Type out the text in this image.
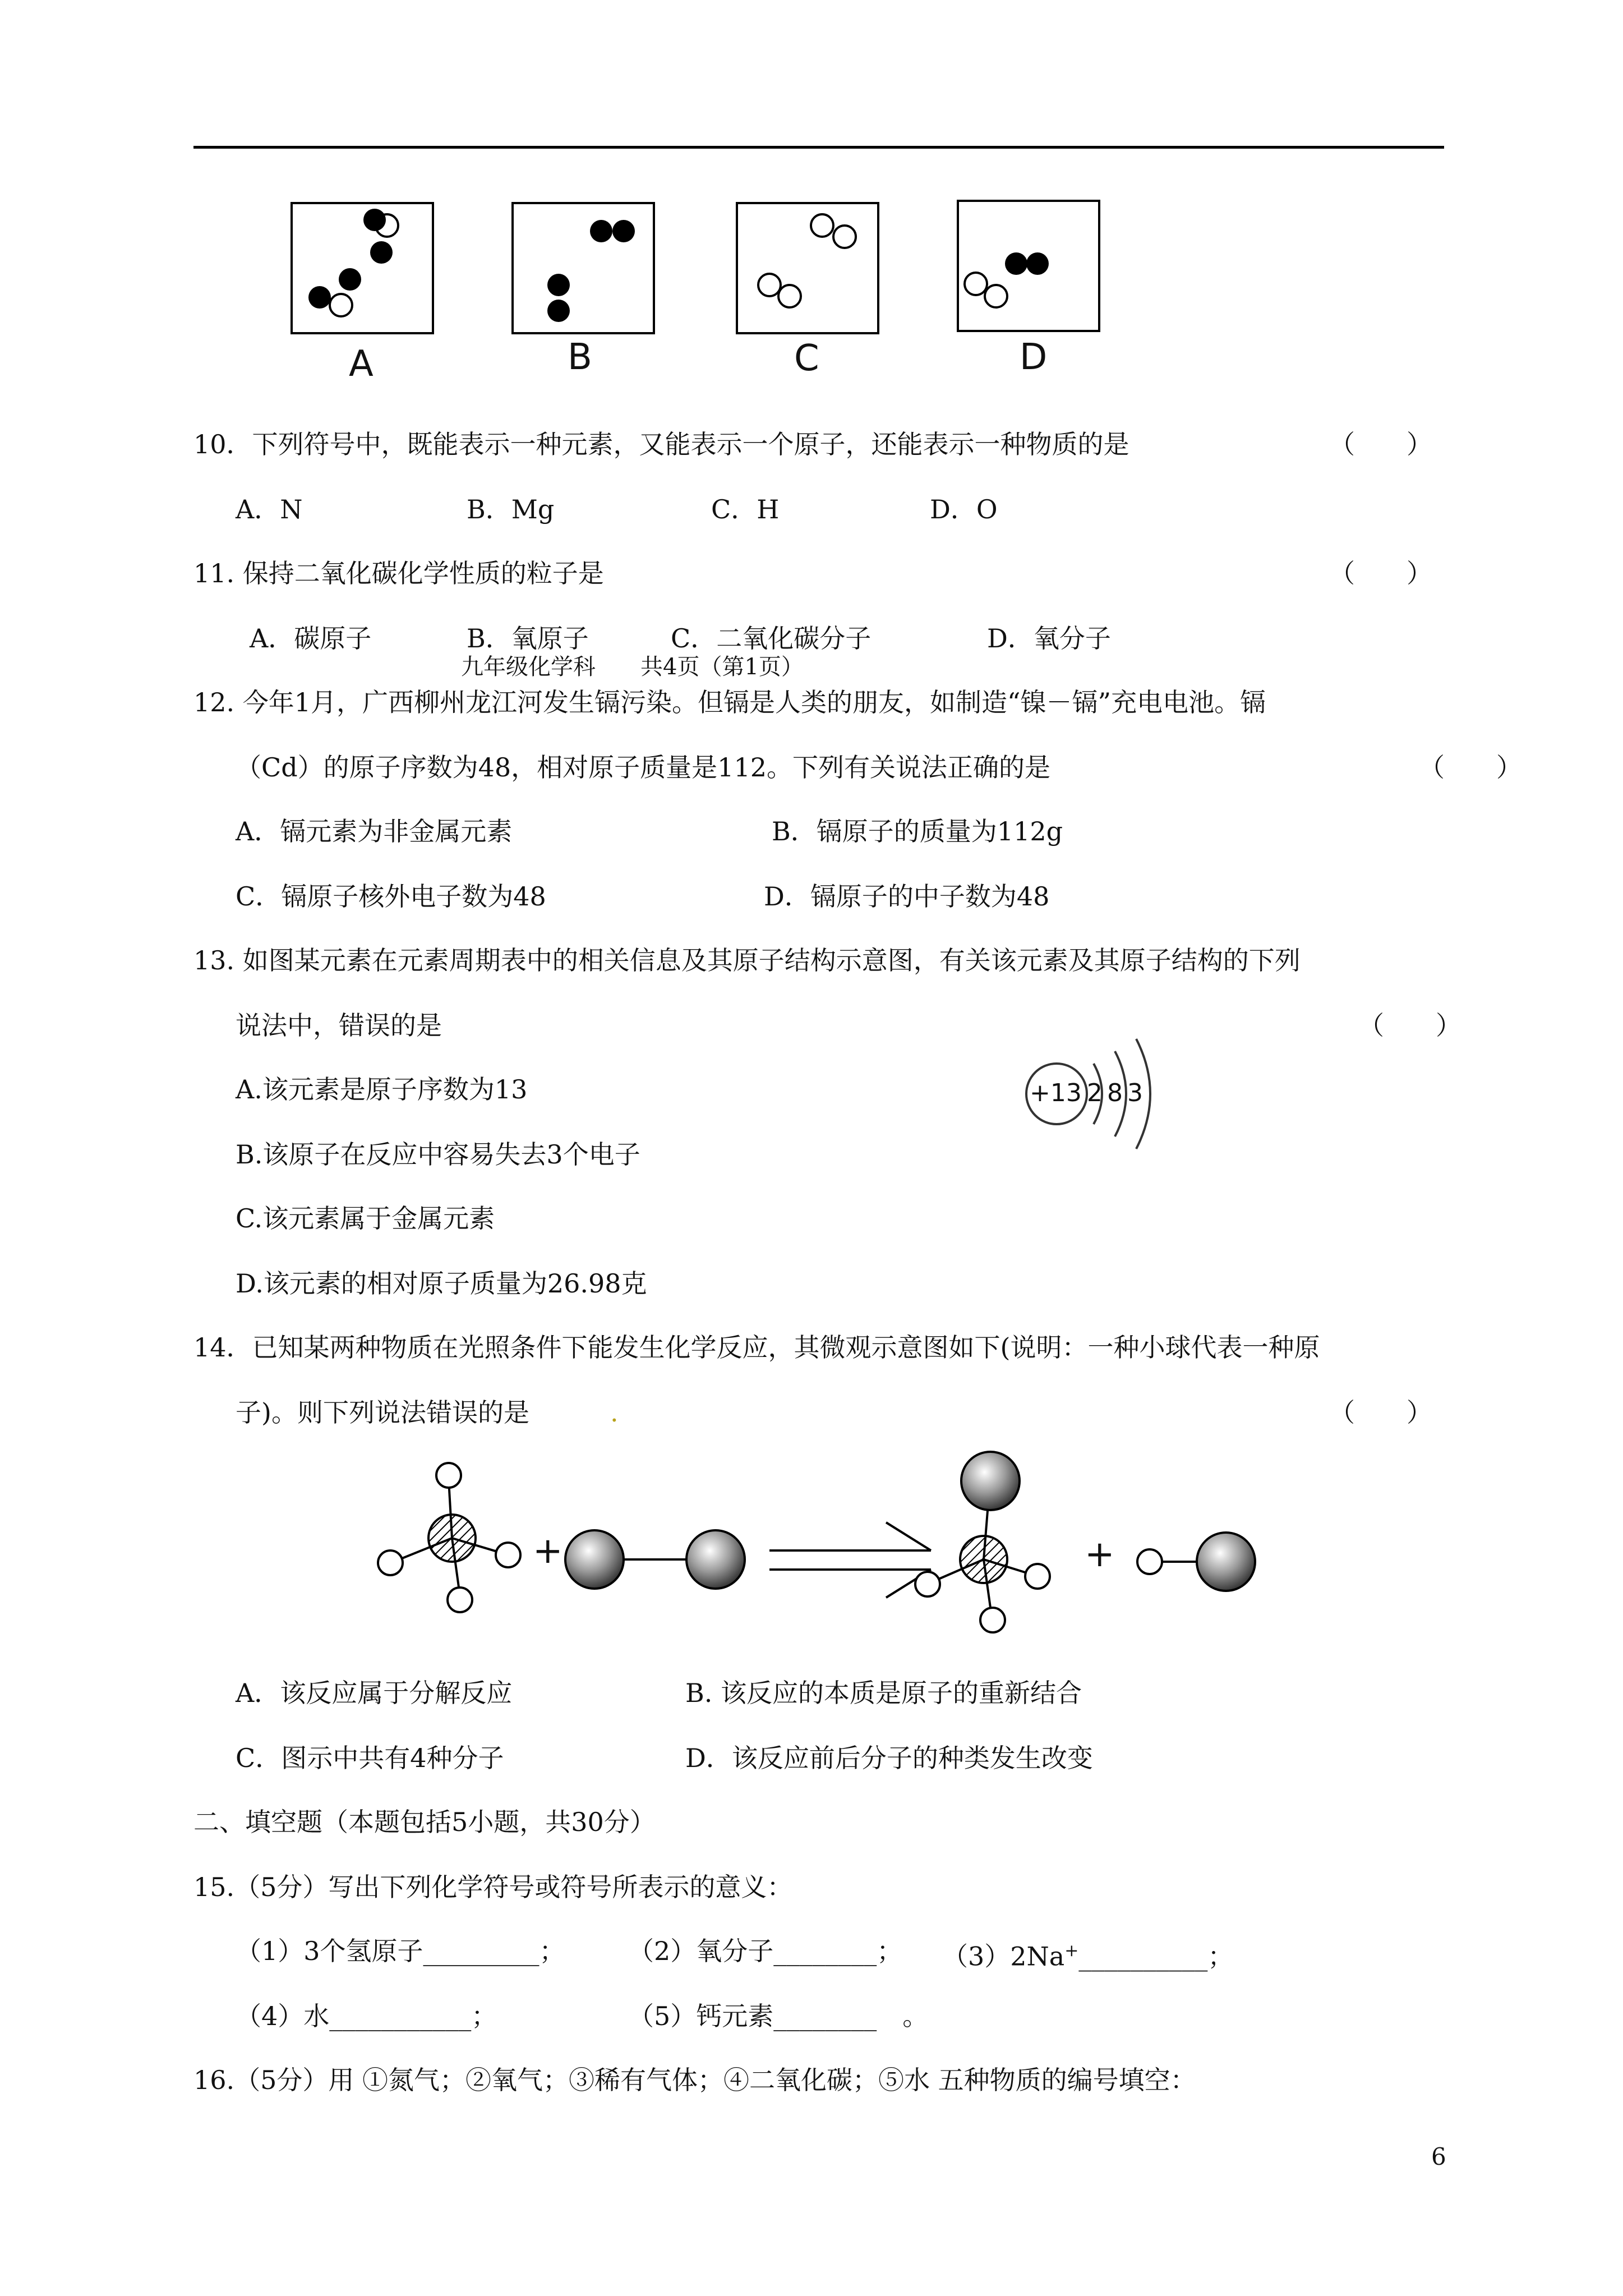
A	B	C	D
10．下列符号中，既能表示一种元素，又能表示一个原子，还能表示一种物质的是	（　　）
A．N	B．Mg	C．H	D．O
11. 保持二氧化碳化学性质的粒子是	（　　）
A．碳原子	B．氧原子	C．二氧化碳分子	D．氧分子
九年级化学科　　共4页（第1页）
12. 今年1月，广西柳州龙江河发生镉污染。但镉是人类的朋友，如制造“镍－镉”充电电池。镉
（Cd）的原子序数为48，相对原子质量是112。下列有关说法正确的是	（　　）
A．镉元素为非金属元素	B．镉原子的质量为112g
C．镉原子核外电子数为48	D．镉原子的中子数为48
13. 如图某元素在元素周期表中的相关信息及其原子结构示意图，有关该元素及其原子结构的下列
说法中，错误的是	（　　）
A.该元素是原子序数为13
B.该原子在反应中容易失去3个电子
C.该元素属于金属元素
D.该元素的相对原子质量为26.98克
+13 2 8 3
14．已知某两种物质在光照条件下能发生化学反应，其微观示意图如下(说明：一种小球代表一种原
子)。则下列说法错误的是	.	（　　）
+	+
A．该反应属于分解反应	B. 该反应的本质是原子的重新结合
C．图示中共有4种分子	D．该反应前后分子的种类发生改变
二、填空题（本题包括5小题，共30分）
15.（5分）写出下列化学符号或符号所表示的意义：
（1）3个氢原子_________； （2）氧分子________； （3）2Na+__________；
（4）水___________；	（5）钙元素________　。
16.（5分）用 ①氮气；②氧气；③稀有气体；④二氧化碳；⑤水 五种物质的编号填空：
6
